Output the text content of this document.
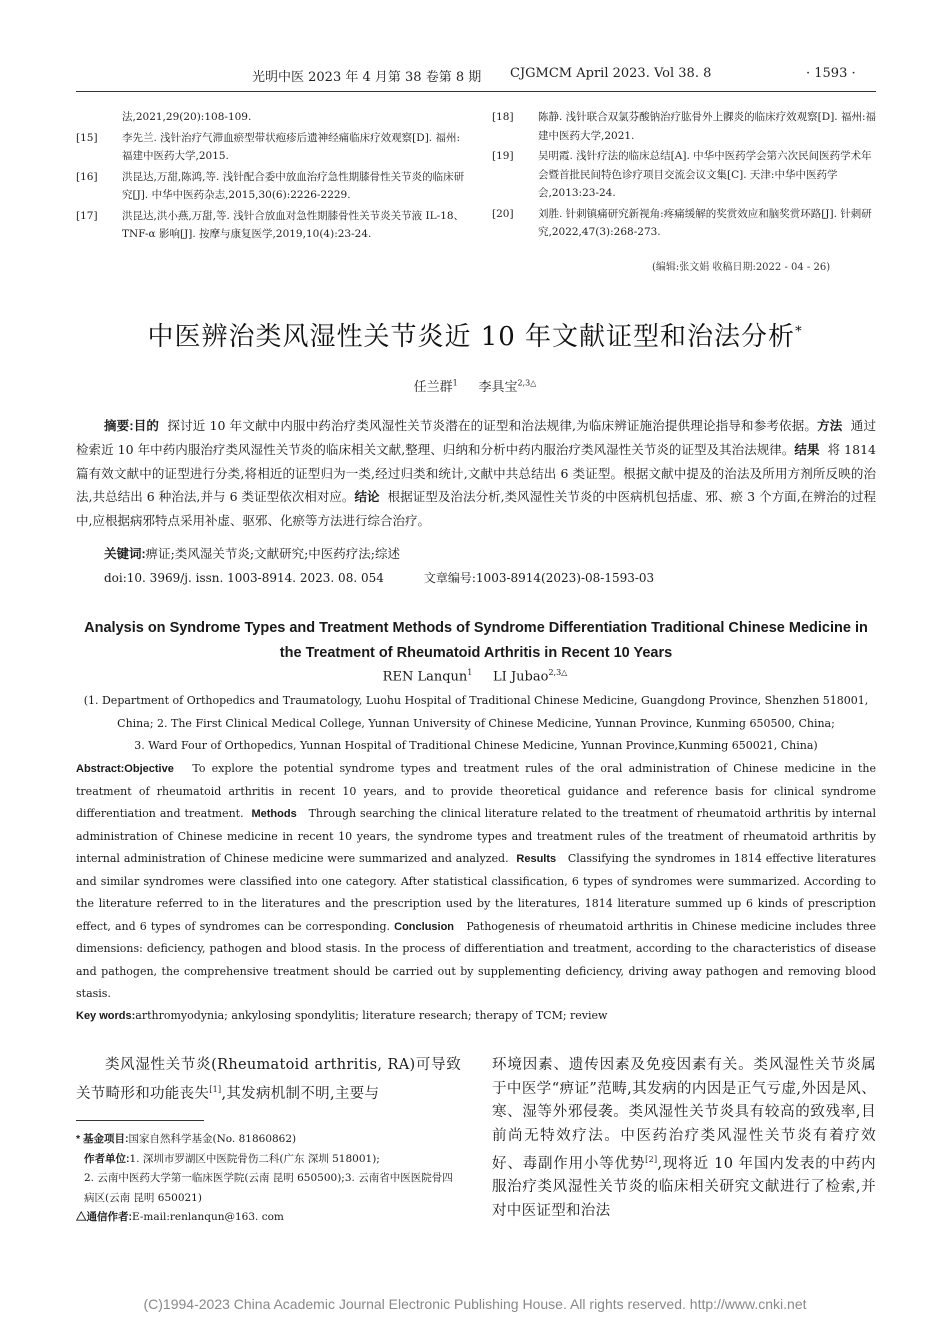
光明中医 2023 年 4 月第 38 卷第 8 期 CJGMCM April 2023. Vol 38. 8	· 1593 ·
法,2021,29(20):108-109.
[15] 李先兰. 浅针治疗气滞血瘀型带状疱疹后遗神经痛临床疗效观察[D]. 福州:福建中医药大学,2015.
[16] 洪昆达,万甜,陈鸿,等. 浅针配合委中放血治疗急性期膝骨性关节炎的临床研究[J]. 中华中医药杂志,2015,30(6):2226-2229.
[17] 洪昆达,洪小燕,万甜,等. 浅针合放血对急性期膝骨性关节炎关节液 IL-18、TNF-α 影响[J]. 按摩与康复医学,2019,10(4):23-24.
[18] 陈静. 浅针联合双氯芬酸钠治疗肱骨外上髁炎的临床疗效观察[D]. 福州:福建中医药大学,2021.
[19] 吴明霞. 浅针疗法的临床总结[A]. 中华中医药学会第六次民间医药学术年会暨首批民间特色诊疗项目交流会议文集[C]. 天津:中华中医药学会,2013:23-24.
[20] 刘胜. 针刺镇痛研究新视角:疼痛缓解的奖赏效应和脑奖赏环路[J]. 针刺研究,2022,47(3):268-273.
(编辑:张文娟 收稿日期:2022 - 04 - 26)
中医辨治类风湿性关节炎近 10 年文献证型和治法分析*
任兰群$^1$ 李具宝$^{2,3\triangle}$
摘要:目的 探讨近 10 年文献中内服中药治疗类风湿性关节炎潜在的证型和治法规律,为临床辨证施治提供理论指导和参考依据。方法 通过检索近 10 年中药内服治疗类风湿性关节炎的临床相关文献,整理、归纳和分析中药内服治疗类风湿性关节炎的证型及其治法规律。结果 将 1814 篇有效文献中的证型进行分类,将相近的证型归为一类,经过归类和统计,文献中共总结出 6 类证型。根据文献中提及的治法及所用方剂所反映的治法,共总结出 6 种治法,并与 6 类证型依次相对应。结论 根据证型及治法分析,类风湿性关节炎的中医病机包括虚、邪、瘀 3 个方面,在辨治的过程中,应根据病邪特点采用补虚、驱邪、化瘀等方法进行综合治疗。
关键词:痹证;类风湿关节炎;文献研究;中医药疗法;综述
doi:10. 3969/j. issn. 1003-8914. 2023. 08. 054	文章编号:1003-8914(2023)-08-1593-03
Analysis on Syndrome Types and Treatment Methods of Syndrome Differentiation Traditional Chinese Medicine in the Treatment of Rheumatoid Arthritis in Recent 10 Years
REN Lanqun$^1$ LI Jubao$^{2,3\triangle}$
(1. Department of Orthopedics and Traumatology, Luohu Hospital of Traditional Chinese Medicine, Guangdong Province, Shenzhen 518001,
China; 2. The First Clinical Medical College, Yunnan University of Chinese Medicine, Yunnan Province, Kunming 650500, China;
3. Ward Four of Orthopedics, Yunnan Hospital of Traditional Chinese Medicine, Yunnan Province,Kunming 650021, China)
Abstract:Objective To explore the potential syndrome types and treatment rules of the oral administration of Chinese medicine in the treatment of rheumatoid arthritis in recent 10 years, and to provide theoretical guidance and reference basis for clinical syndrome differentiation and treatment. Methods Through searching the clinical literature related to the treatment of rheumatoid arthritis by internal administration of Chinese medicine in recent 10 years, the syndrome types and treatment rules of the treatment of rheumatoid arthritis by internal administration of Chinese medicine were summarized and analyzed. Results Classifying the syndromes in 1814 effective literatures and similar syndromes were classified into one category. After statistical classification, 6 types of syndromes were summarized. According to the literature referred to in the literatures and the prescription used by the literatures, 1814 literature summed up 6 kinds of prescription effect, and 6 types of syndromes can be corresponding. Conclusion Pathogenesis of rheumatoid arthritis in Chinese medicine includes three dimensions: deficiency, pathogen and blood stasis. In the process of differentiation and treatment, according to the characteristics of disease and pathogen, the comprehensive treatment should be carried out by supplementing deficiency, driving away pathogen and removing blood stasis.
Key words:arthromyodynia; ankylosing spondylitis; literature research; therapy of TCM; review
类风湿性关节炎(Rheumatoid arthritis, RA)可导致关节畸形和功能丧失[1],其发病机制不明,主要与
环境因素、遗传因素及免疫因素有关。类风湿性关节炎属于中医学“痹证”范畴,其发病的内因是正气亏虚,外因是风、寒、湿等外邪侵袭。类风湿性关节炎具有较高的致残率,目前尚无特效疗法。中医药治疗类风湿性关节炎有着疗效好、毒副作用小等优势[2],现将近 10 年国内发表的中药内服治疗类风湿性关节炎的临床相关研究文献进行了检索,并对中医证型和治法
* 基金项目:国家自然科学基金(No. 81860862)
作者单位:1. 深圳市罗湖区中医院骨伤二科(广东 深圳 518001);
2. 云南中医药大学第一临床医学院(云南 昆明 650500);3. 云南省中医医院骨四病区(云南 昆明 650021)
△通信作者:E-mail:renlanqun@163. com
(C)1994-2023 China Academic Journal Electronic Publishing House. All rights reserved. http://www.cnki.net
